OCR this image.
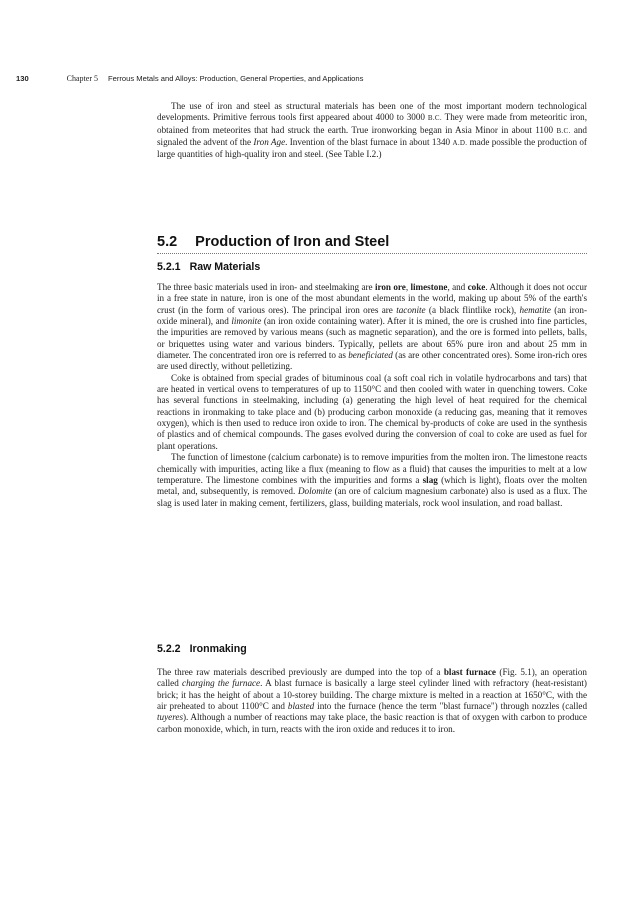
130	Chapter 5 Ferrous Metals and Alloys: Production, General Properties, and Applications

The use of iron and steel as structural materials has been one of the most important modern technological developments. Primitive ferrous tools first appeared about 4000 to 3000 B.C. They were made from meteoritic iron, obtained from meteorites that had struck the earth. True ironworking began in Asia Minor in about 1100 B.C. and signaled the advent of the Iron Age. Invention of the blast furnace in about 1340 A.D. made possible the production of large quantities of high-quality iron and steel. (See Table I.2.)

5.2 Production of Iron and Steel
5.2.1 Raw Materials

The three basic materials used in iron- and steelmaking are iron ore, limestone, and coke. Although it does not occur in a free state in nature, iron is one of the most abundant elements in the world, making up about 5% of the earth's crust (in the form of various ores). The principal iron ores are taconite (a black flintlike rock), hematite (an iron-oxide mineral), and limonite (an iron oxide containing water). After it is mined, the ore is crushed into fine particles, the impurities are removed by various means (such as magnetic separation), and the ore is formed into pellets, balls, or briquettes using water and various binders. Typically, pellets are about 65% pure iron and about 25 mm in diameter. The concentrated iron ore is referred to as beneficiated (as are other concentrated ores). Some iron-rich ores are used directly, without pelletizing.

Coke is obtained from special grades of bituminous coal (a soft coal rich in volatile hydrocarbons and tars) that are heated in vertical ovens to temperatures of up to 1150°C and then cooled with water in quenching towers. Coke has several functions in steelmaking, including (a) generating the high level of heat required for the chemical reactions in ironmaking to take place and (b) producing carbon monoxide (a reducing gas, meaning that it removes oxygen), which is then used to reduce iron oxide to iron. The chemical by-products of coke are used in the synthesis of plastics and of chemical compounds. The gases evolved during the conversion of coal to coke are used as fuel for plant operations.

The function of limestone (calcium carbonate) is to remove impurities from the molten iron. The limestone reacts chemically with impurities, acting like a flux (meaning to flow as a fluid) that causes the impurities to melt at a low temperature. The limestone combines with the impurities and forms a slag (which is light), floats over the molten metal, and, subsequently, is removed. Dolomite (an ore of calcium magnesium carbonate) also is used as a flux. The slag is used later in making cement, fertilizers, glass, building materials, rock wool insulation, and road ballast.

5.2.2 Ironmaking

The three raw materials described previously are dumped into the top of a blast furnace (Fig. 5.1), an operation called charging the furnace. A blast furnace is basically a large steel cylinder lined with refractory (heat-resistant) brick; it has the height of about a 10-storey building. The charge mixture is melted in a reaction at 1650°C, with the air preheated to about 1100°C and blasted into the furnace (hence the term "blast furnace") through nozzles (called tuyeres). Although a number of reactions may take place, the basic reaction is that of oxygen with carbon to produce carbon monoxide, which, in turn, reacts with the iron oxide and reduces it to iron.
